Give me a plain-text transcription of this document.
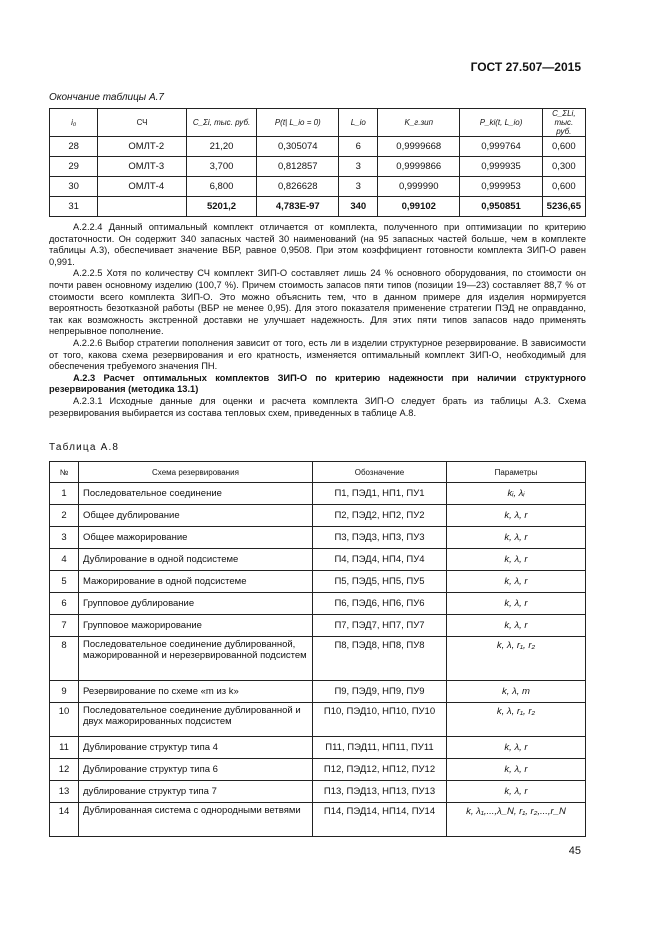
ГОСТ 27.507—2015
Окончание таблицы А.7
i₀	СЧ	C_Σi, тыс. руб.	P(t| L_io = 0)	L_io	K_г.зип	P_ki(t, L_io)	C_ΣLi, тыс. руб.
28	ОМЛТ-2	21,20	0,305074	6	0,9999668	0,999764	0,600
29	ОМЛТ-3	3,700	0,812857	3	0,9999866	0,999935	0,300
30	ОМЛТ-4	6,800	0,826628	3	0,999990	0,999953	0,600
31		5201,2	4,783Е-97	340	0,99102	0,950851	5236,65

А.2.2.4 Данный оптимальный комплект отличается от комплекта, полученного при оптимизации по критерию достаточности. Он содержит 340 запасных частей 30 наименований (на 95 запасных частей больше, чем в комплекте таблицы А.3), обеспечивает значение ВБР, равное 0,9508. При этом коэффициент готовности комплекта ЗИП-О равен 0,991.

А.2.2.5 Хотя по количеству СЧ комплект ЗИП-О составляет лишь 24 % основного оборудования, по стоимости он почти равен основному изделию (100,7 %). Причем стоимость запасов пяти типов (позиции 19—23) составляет 88,7 % от стоимости всего комплекта ЗИП-О. Это можно объяснить тем, что в данном примере для изделия нормируется вероятность безотказной работы (ВБР не менее 0,95). Для этого показателя применение стратегии ПЭД не оправданно, так как возможность экстренной доставки не улучшает надежность. Для этих пяти типов запасов надо применять непрерывное пополнение.

А.2.2.6 Выбор стратегии пополнения зависит от того, есть ли в изделии структурное резервирование. В зависимости от того, какова схема резервирования и его кратность, изменяется оптимальный комплект ЗИП-О, необходимый для обеспечения требуемого значения ПН.

А.2.3 Расчет оптимальных комплектов ЗИП-О по критерию надежности при наличии структурного резервирования (методика 13.1)

А.2.3.1 Исходные данные для оценки и расчета комплекта ЗИП-О следует брать из таблицы А.3. Схема резервирования выбирается из состава тепловых схем, приведенных в таблице А.8.

Таблица А.8
№	Схема резервирования	Обозначение	Параметры
1	Последовательное соединение	П1, ПЭД1, НП1, ПУ1	kᵢ, λᵢ
2	Общее дублирование	П2, ПЭД2, НП2, ПУ2	k, λ, r
3	Общее мажорирование	П3, ПЭД3, НП3, ПУ3	k, λ, r
4	Дублирование в одной подсистеме	П4, ПЭД4, НП4, ПУ4	k, λ, r
5	Мажорирование в одной подсистеме	П5, ПЭД5, НП5, ПУ5	k, λ, r
6	Групповое дублирование	П6, ПЭД6, НП6, ПУ6	k, λ, r
7	Групповое мажорирование	П7, ПЭД7, НП7, ПУ7	k, λ, r
8	Последовательное соединение дублированной, мажорированной и нерезервированной подсистем	П8, ПЭД8, НП8, ПУ8	k, λ, r₁, r₂
9	Резервирование по схеме «m из k»	П9, ПЭД9, НП9, ПУ9	k, λ, m
10	Последовательное соединение дублированной и двух мажорированных подсистем	П10, ПЭД10, НП10, ПУ10	k, λ, r₁, r₂
11	Дублирование структур типа 4	П11, ПЭД11, НП11, ПУ11	k, λ, r
12	Дублирование структур типа 6	П12, ПЭД12, НП12, ПУ12	k, λ, r
13	дублирование структур типа 7	П13, ПЭД13, НП13, ПУ13	k, λ, r
14	Дублированная система с однородными ветвями	П14, ПЭД14, НП14, ПУ14	k, λ₁,...,λ_N, r₁, r₂,...,r_N
45
